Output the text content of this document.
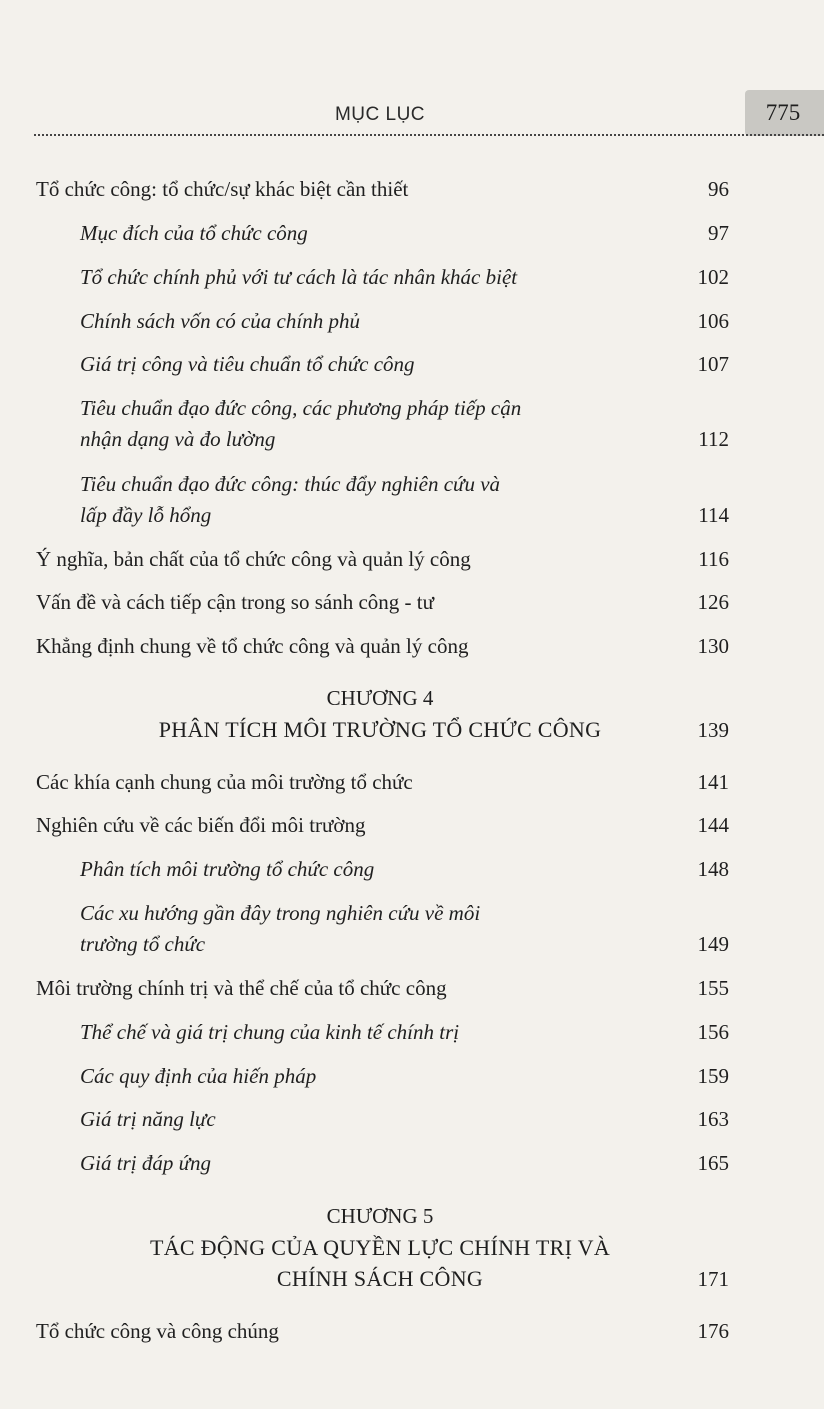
MỤC LỤC	775
Tổ chức công: tổ chức/sự khác biệt cần thiết	96
Mục đích của tổ chức công	97
Tổ chức chính phủ với tư cách là tác nhân khác biệt	102
Chính sách vốn có của chính phủ	106
Giá trị công và tiêu chuẩn tổ chức công	107
Tiêu chuẩn đạo đức công, các phương pháp tiếp cận
nhận dạng và đo lường	112
Tiêu chuẩn đạo đức công: thúc đẩy nghiên cứu và
lấp đầy lỗ hổng	114
Ý nghĩa, bản chất của tổ chức công và quản lý công	116
Vấn đề và cách tiếp cận trong so sánh công - tư	126
Khẳng định chung về tổ chức công và quản lý công	130
CHƯƠNG 4
PHÂN TÍCH MÔI TRƯỜNG TỔ CHỨC CÔNG	139
Các khía cạnh chung của môi trường tổ chức	141
Nghiên cứu về các biến đổi môi trường	144
Phân tích môi trường tổ chức công	148
Các xu hướng gần đây trong nghiên cứu về môi
trường tổ chức	149
Môi trường chính trị và thể chế của tổ chức công	155
Thể chế và giá trị chung của kinh tế chính trị	156
Các quy định của hiến pháp	159
Giá trị năng lực	163
Giá trị đáp ứng	165
CHƯƠNG 5
TÁC ĐỘNG CỦA QUYỀN LỰC CHÍNH TRỊ VÀ
CHÍNH SÁCH CÔNG	171
Tổ chức công và công chúng	176
